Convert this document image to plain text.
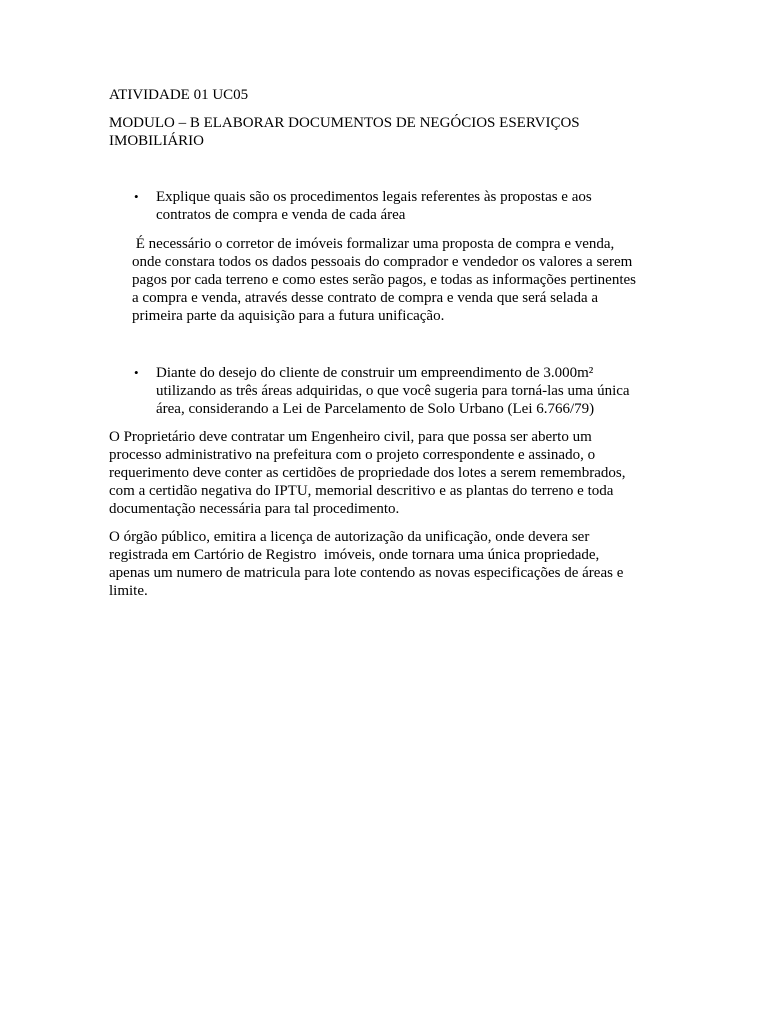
ATIVIDADE 01 UC05
MODULO – B ELABORAR DOCUMENTOS DE NEGÓCIOS ESERVIÇOS
IMOBILIÁRIO
• Explique quais são os procedimentos legais referentes às propostas e aos
contratos de compra e venda de cada área
É necessário o corretor de imóveis formalizar uma proposta de compra e venda,
onde constara todos os dados pessoais do comprador e vendedor os valores a serem
pagos por cada terreno e como estes serão pagos, e todas as informações pertinentes
a compra e venda, através desse contrato de compra e venda que será selada a
primeira parte da aquisição para a futura unificação.
• Diante do desejo do cliente de construir um empreendimento de 3.000m²
utilizando as três áreas adquiridas, o que você sugeria para torná-las uma única
área, considerando a Lei de Parcelamento de Solo Urbano (Lei 6.766/79)
O Proprietário deve contratar um Engenheiro civil, para que possa ser aberto um
processo administrativo na prefeitura com o projeto correspondente e assinado, o
requerimento deve conter as certidões de propriedade dos lotes a serem remembrados,
com a certidão negativa do IPTU, memorial descritivo e as plantas do terreno e toda
documentação necessária para tal procedimento.
O órgão público, emitira a licença de autorização da unificação, onde devera ser
registrada em Cartório de Registro  imóveis, onde tornara uma única propriedade,
apenas um numero de matricula para lote contendo as novas especificações de áreas e
limite.
